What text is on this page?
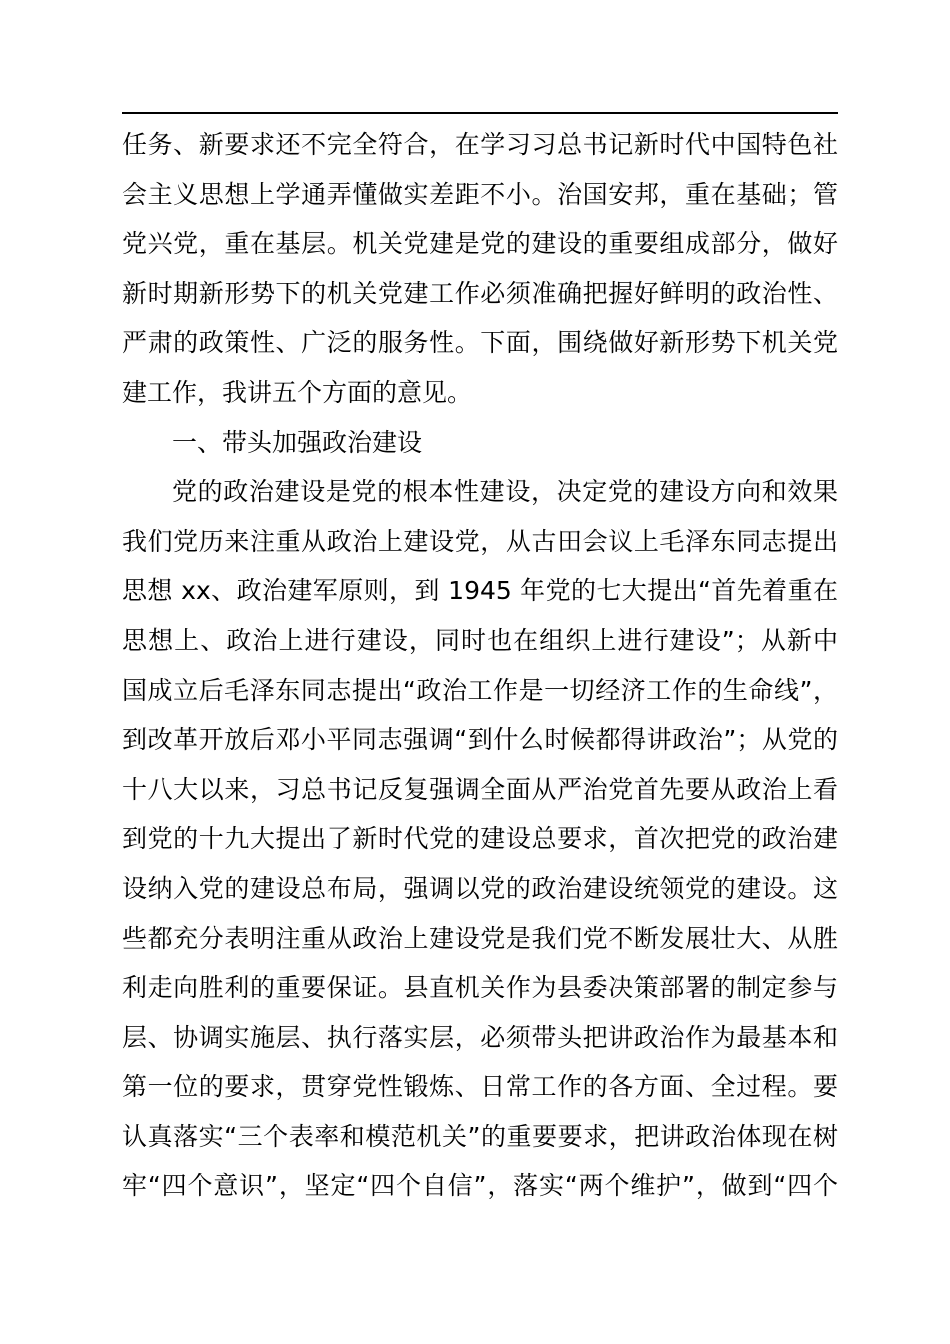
任务、新要求还不完全符合，在学习习总书记新时代中国特色社
会主义思想上学通弄懂做实差距不小。治国安邦，重在基础；管
党兴党，重在基层。机关党建是党的建设的重要组成部分，做好
新时期新形势下的机关党建工作必须准确把握好鲜明的政治性、
严肃的政策性、广泛的服务性。下面，围绕做好新形势下机关党
建工作，我讲五个方面的意见。
一、带头加强政治建设
党的政治建设是党的根本性建设，决定党的建设方向和效果
我们党历来注重从政治上建设党，从古田会议上毛泽东同志提出
思想 xx、政治建军原则，到 1945 年党的七大提出“首先着重在
思想上、政治上进行建设，同时也在组织上进行建设”；从新中
国成立后毛泽东同志提出“政治工作是一切经济工作的生命线”，
到改革开放后邓小平同志强调“到什么时候都得讲政治”；从党的
十八大以来，习总书记反复强调全面从严治党首先要从政治上看
到党的十九大提出了新时代党的建设总要求，首次把党的政治建
设纳入党的建设总布局，强调以党的政治建设统领党的建设。这
些都充分表明注重从政治上建设党是我们党不断发展壮大、从胜
利走向胜利的重要保证。县直机关作为县委决策部署的制定参与
层、协调实施层、执行落实层，必须带头把讲政治作为最基本和
第一位的要求，贯穿党性锻炼、日常工作的各方面、全过程。要
认真落实“三个表率和模范机关”的重要要求，把讲政治体现在树
牢“四个意识”，坚定“四个自信”，落实“两个维护”，做到“四个
